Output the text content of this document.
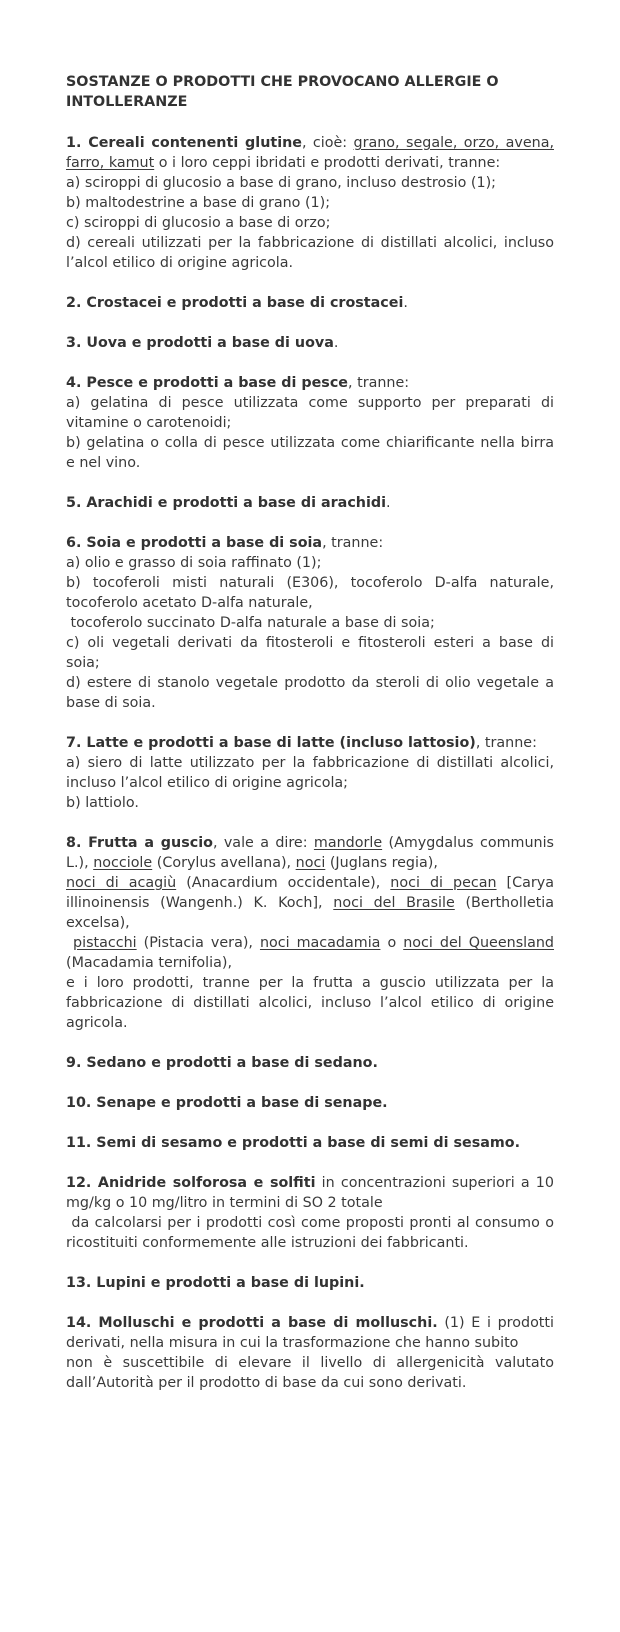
SOSTANZE O PRODOTTI CHE PROVOCANO ALLERGIE O INTOLLERANZE

1. Cereali contenenti glutine, cioè: grano, segale, orzo, avena, farro, kamut o i loro ceppi ibridati e prodotti derivati, tranne:

a) sciroppi di glucosio a base di grano, incluso destrosio (1);

b) maltodestrine a base di grano (1);

c) sciroppi di glucosio a base di orzo;

d) cereali utilizzati per la fabbricazione di distillati alcolici, incluso l’alcol etilico di origine agricola.

2. Crostacei e prodotti a base di crostacei.

3. Uova e prodotti a base di uova.

4. Pesce e prodotti a base di pesce, tranne:

a) gelatina di pesce utilizzata come supporto per preparati di vitamine o carotenoidi;

b) gelatina o colla di pesce utilizzata come chiarificante nella birra e nel vino.

5. Arachidi e prodotti a base di arachidi.

6. Soia e prodotti a base di soia, tranne:

a) olio e grasso di soia raffinato (1);

b) tocoferoli misti naturali (E306), tocoferolo D-alfa naturale, tocoferolo acetato D-alfa naturale,

tocoferolo succinato D-alfa naturale a base di soia;

c) oli vegetali derivati da fitosteroli e fitosteroli esteri a base di soia;

d) estere di stanolo vegetale prodotto da steroli di olio vegetale a base di soia.

7. Latte e prodotti a base di latte (incluso lattosio), tranne:

a) siero di latte utilizzato per la fabbricazione di distillati alcolici, incluso l’alcol etilico di origine agricola;

b) lattiolo.

8. Frutta a guscio, vale a dire: mandorle (Amygdalus communis L.), nocciole (Corylus avellana), noci (Juglans regia),

noci di acagiù (Anacardium occidentale), noci di pecan [Carya illinoinensis (Wangenh.) K. Koch], noci del Brasile (Bertholletia excelsa),

pistacchi (Pistacia vera), noci macadamia o noci del Queensland (Macadamia ternifolia),

e i loro prodotti, tranne per la frutta a guscio utilizzata per la fabbricazione di distillati alcolici, incluso l’alcol etilico di origine agricola.

9. Sedano e prodotti a base di sedano.

10. Senape e prodotti a base di senape.

11. Semi di sesamo e prodotti a base di semi di sesamo.

12. Anidride solforosa e solfiti in concentrazioni superiori a 10 mg/kg o 10 mg/litro in termini di SO 2 totale

da calcolarsi per i prodotti così come proposti pronti al consumo o ricostituiti conformemente alle istruzioni dei fabbricanti.

13. Lupini e prodotti a base di lupini.

14. Molluschi e prodotti a base di molluschi. (1) E i prodotti derivati, nella misura in cui la trasformazione che hanno subito

non è suscettibile di elevare il livello di allergenicità valutato dall’Autorità per il prodotto di base da cui sono derivati.
